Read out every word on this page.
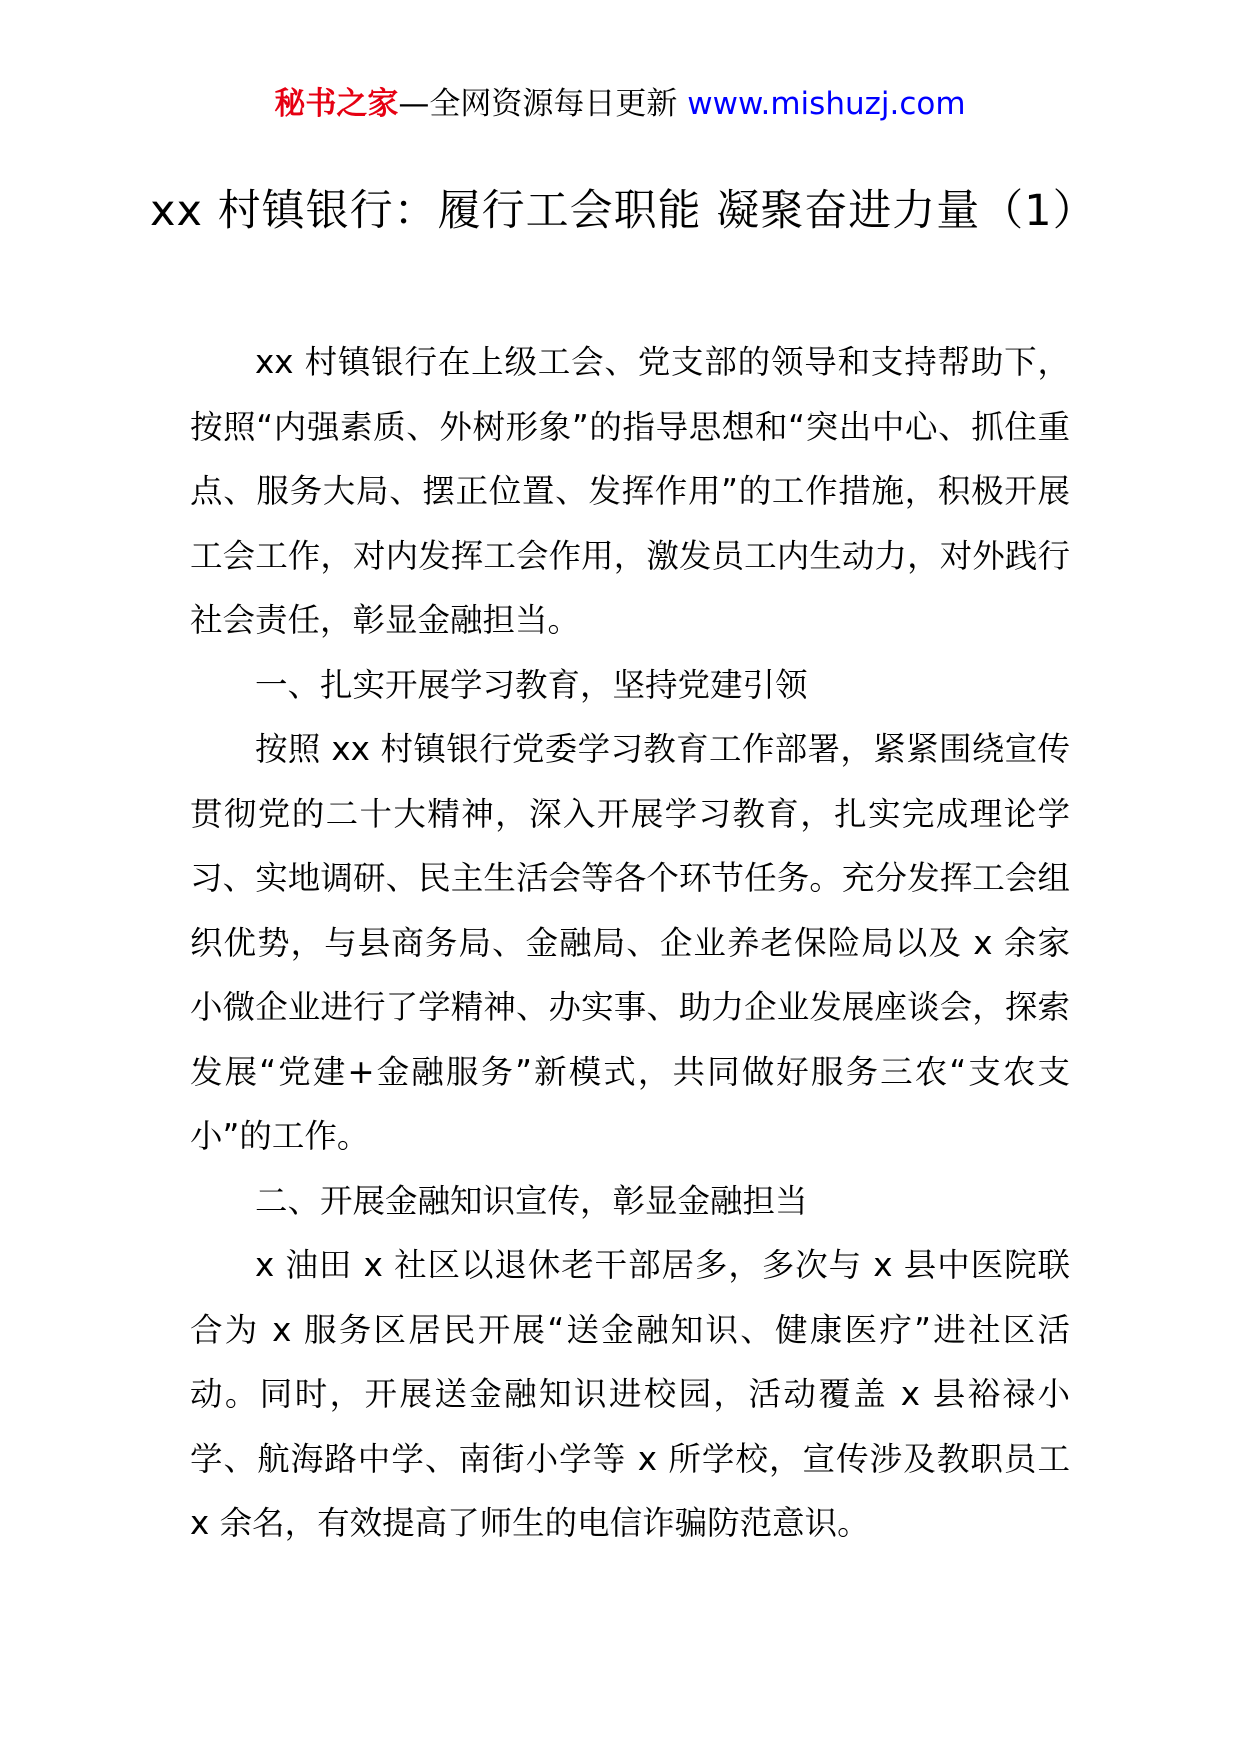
秘书之家—全网资源每日更新 www.mishuzj.com
xx 村镇银行：履行工会职能 凝聚奋进力量（1）

xx 村镇银行在上级工会、党支部的领导和支持帮助下，按照“内强素质、外树形象”的指导思想和“突出中心、抓住重点、服务大局、摆正位置、发挥作用”的工作措施，积极开展工会工作，对内发挥工会作用，激发员工内生动力，对外践行社会责任，彰显金融担当。

一、扎实开展学习教育，坚持党建引领

按照 xx 村镇银行党委学习教育工作部署，紧紧围绕宣传贯彻党的二十大精神，深入开展学习教育，扎实完成理论学习、实地调研、民主生活会等各个环节任务。充分发挥工会组织优势，与县商务局、金融局、企业养老保险局以及 x 余家小微企业进行了学精神、办实事、助力企业发展座谈会，探索发展“党建+金融服务”新模式，共同做好服务三农“支农支小”的工作。

二、开展金融知识宣传，彰显金融担当

x 油田 x 社区以退休老干部居多，多次与 x 县中医院联合为 x 服务区居民开展“送金融知识、健康医疗”进社区活动。同时，开展送金融知识进校园，活动覆盖 x 县裕禄小学、航海路中学、南街小学等 x 所学校，宣传涉及教职员工 x 余名，有效提高了师生的电信诈骗防范意识。
